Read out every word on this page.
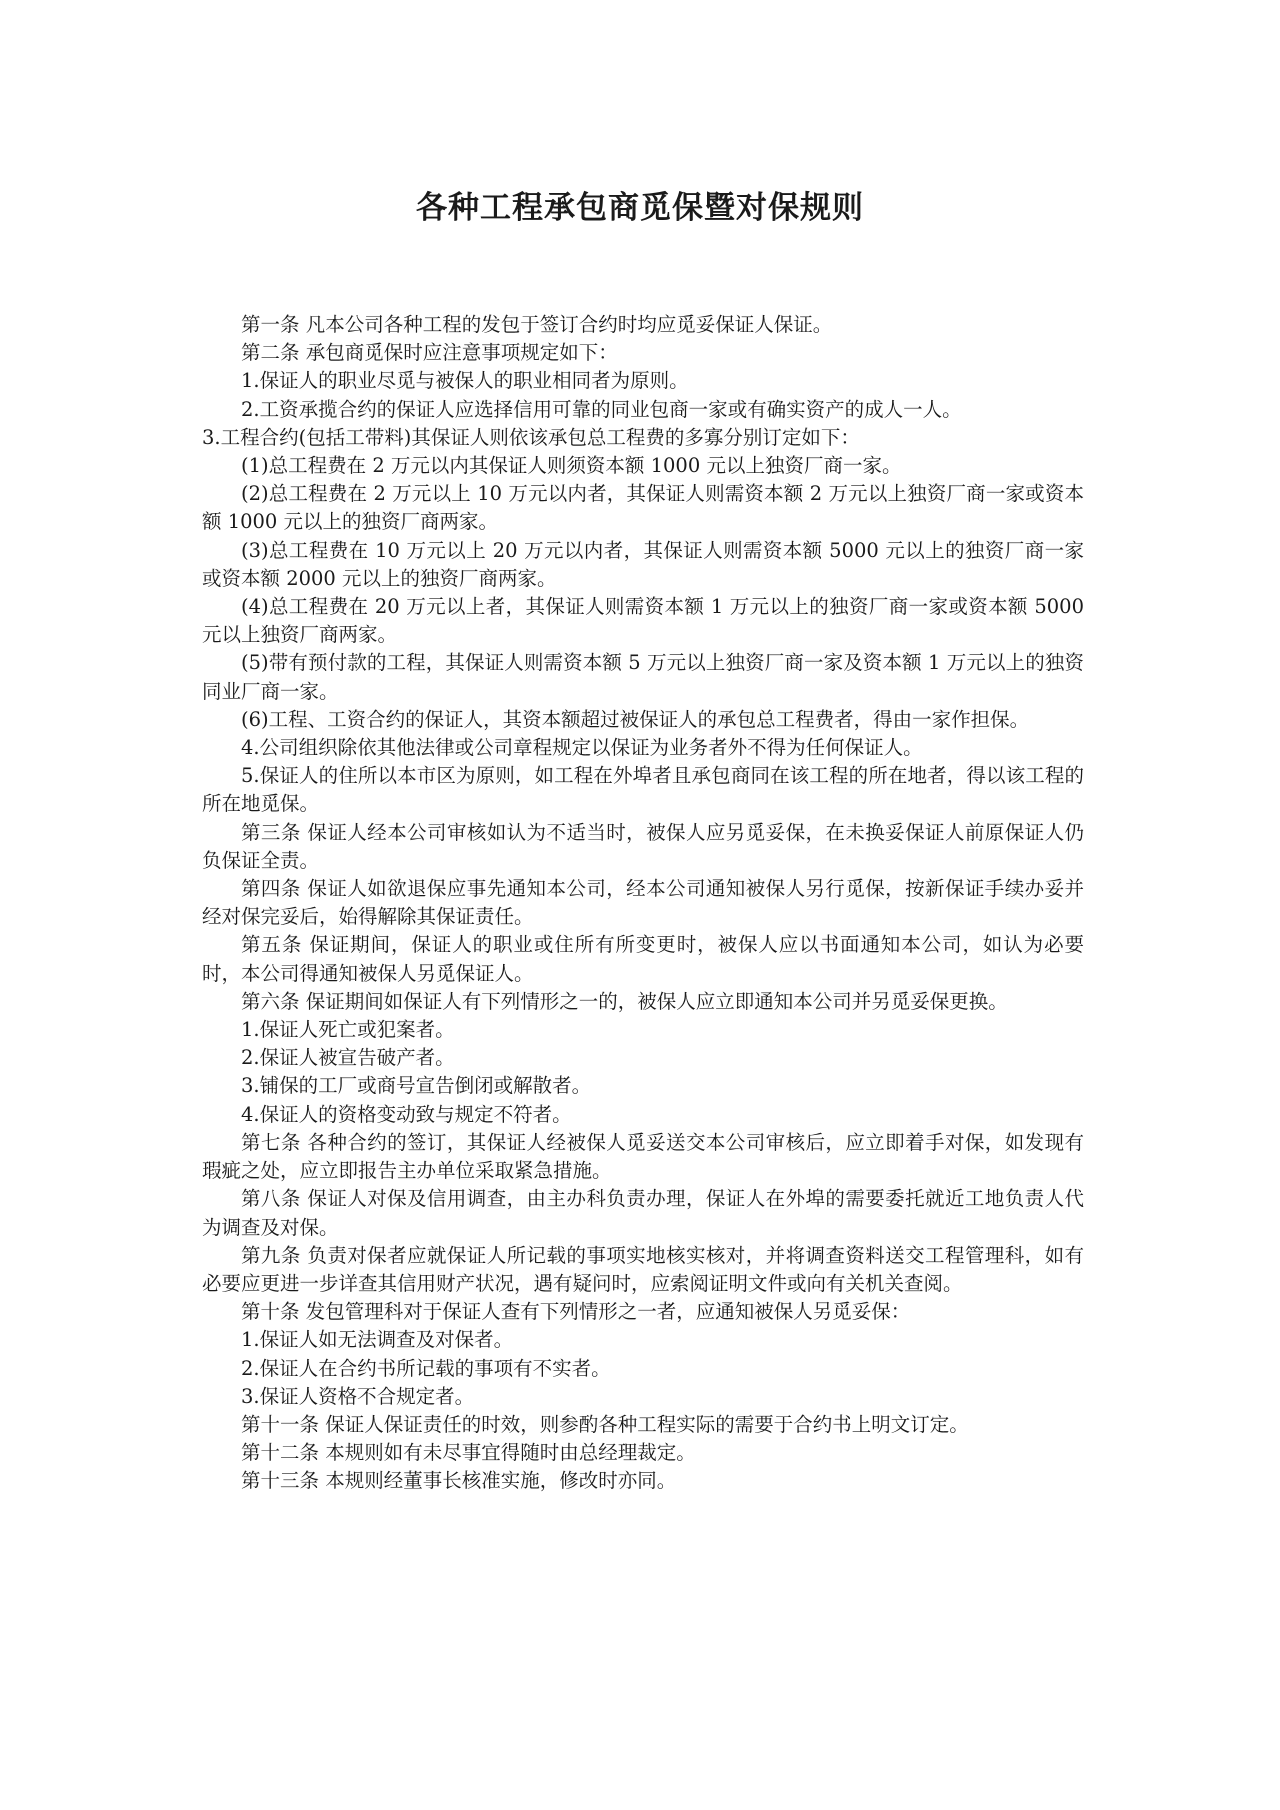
各种工程承包商觅保暨对保规则

第一条 凡本公司各种工程的发包于签订合约时均应觅妥保证人保证。

第二条 承包商觅保时应注意事项规定如下：

1.保证人的职业尽觅与被保人的职业相同者为原则。

2.工资承揽合约的保证人应选择信用可靠的同业包商一家或有确实资产的成人一人。

3.工程合约(包括工带料)其保证人则依该承包总工程费的多寡分别订定如下：

(1)总工程费在 2 万元以内其保证人则须资本额 1000 元以上独资厂商一家。

(2)总工程费在 2 万元以上 10 万元以内者，其保证人则需资本额 2 万元以上独资厂商一家或资本额 1000 元以上的独资厂商两家。

(3)总工程费在 10 万元以上 20 万元以内者，其保证人则需资本额 5000 元以上的独资厂商一家或资本额 2000 元以上的独资厂商两家。

(4)总工程费在 20 万元以上者，其保证人则需资本额 1 万元以上的独资厂商一家或资本额 5000 元以上独资厂商两家。

(5)带有预付款的工程，其保证人则需资本额 5 万元以上独资厂商一家及资本额 1 万元以上的独资同业厂商一家。

(6)工程、工资合约的保证人，其资本额超过被保证人的承包总工程费者，得由一家作担保。

4.公司组织除依其他法律或公司章程规定以保证为业务者外不得为任何保证人。

5.保证人的住所以本市区为原则，如工程在外埠者且承包商同在该工程的所在地者，得以该工程的所在地觅保。

第三条 保证人经本公司审核如认为不适当时，被保人应另觅妥保，在未换妥保证人前原保证人仍负保证全责。

第四条 保证人如欲退保应事先通知本公司，经本公司通知被保人另行觅保，按新保证手续办妥并经对保完妥后，始得解除其保证责任。

第五条 保证期间，保证人的职业或住所有所变更时，被保人应以书面通知本公司，如认为必要时，本公司得通知被保人另觅保证人。

第六条 保证期间如保证人有下列情形之一的，被保人应立即通知本公司并另觅妥保更换。

1.保证人死亡或犯案者。

2.保证人被宣告破产者。

3.铺保的工厂或商号宣告倒闭或解散者。

4.保证人的资格变动致与规定不符者。

第七条 各种合约的签订，其保证人经被保人觅妥送交本公司审核后，应立即着手对保，如发现有瑕疵之处，应立即报告主办单位采取紧急措施。

第八条 保证人对保及信用调查，由主办科负责办理，保证人在外埠的需要委托就近工地负责人代为调查及对保。

第九条 负责对保者应就保证人所记载的事项实地核实核对，并将调查资料送交工程管理科，如有必要应更进一步详查其信用财产状况，遇有疑问时，应索阅证明文件或向有关机关查阅。

第十条 发包管理科对于保证人查有下列情形之一者，应通知被保人另觅妥保：

1.保证人如无法调查及对保者。

2.保证人在合约书所记载的事项有不实者。

3.保证人资格不合规定者。

第十一条 保证人保证责任的时效，则参酌各种工程实际的需要于合约书上明文订定。

第十二条 本规则如有未尽事宜得随时由总经理裁定。

第十三条 本规则经董事长核准实施，修改时亦同。
